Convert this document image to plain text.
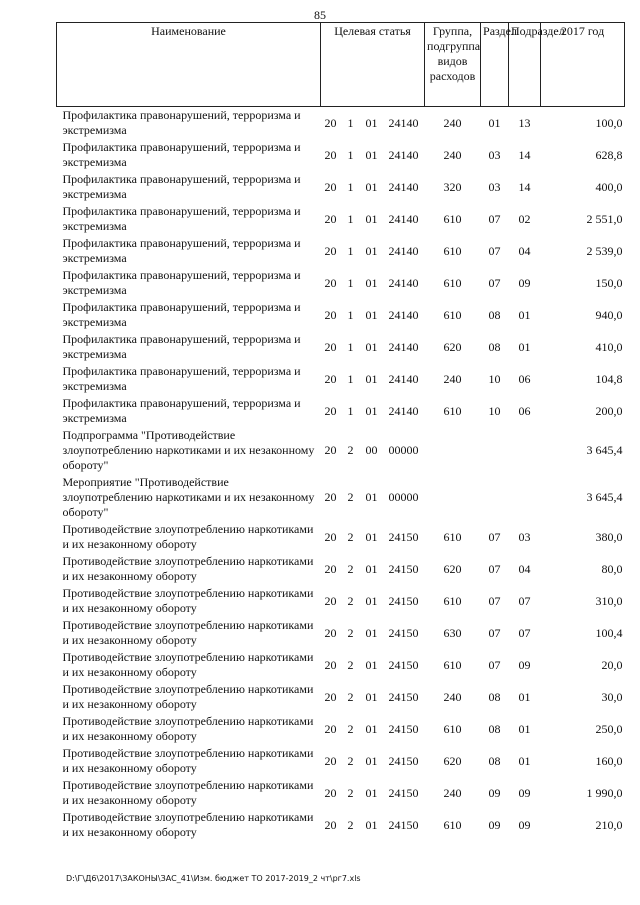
85
Наименование	Целевая статья				Группа, подгруппа видов расходов	Раздел	Подраздел	2017 год
Профилактика правонарушений, терроризма и экстремизма	20	1	01	24140	240	01	13	100,0
Профилактика правонарушений, терроризма и экстремизма	20	1	01	24140	240	03	14	628,8
Профилактика правонарушений, терроризма и экстремизма	20	1	01	24140	320	03	14	400,0
Профилактика правонарушений, терроризма и экстремизма	20	1	01	24140	610	07	02	2 551,0
Профилактика правонарушений, терроризма и экстремизма	20	1	01	24140	610	07	04	2 539,0
Профилактика правонарушений, терроризма и экстремизма	20	1	01	24140	610	07	09	150,0
Профилактика правонарушений, терроризма и экстремизма	20	1	01	24140	610	08	01	940,0
Профилактика правонарушений, терроризма и экстремизма	20	1	01	24140	620	08	01	410,0
Профилактика правонарушений, терроризма и экстремизма	20	1	01	24140	240	10	06	104,8
Профилактика правонарушений, терроризма и экстремизма	20	1	01	24140	610	10	06	200,0
Подпрограмма "Противодействие злоупотреблению наркотиками и их незаконному обороту"	20	2	00	00000				3 645,4
Мероприятие "Противодействие злоупотреблению наркотиками и их незаконному обороту"	20	2	01	00000				3 645,4
Противодействие злоупотреблению наркотиками и их незаконному обороту	20	2	01	24150	610	07	03	380,0
Противодействие злоупотреблению наркотиками и их незаконному обороту	20	2	01	24150	620	07	04	80,0
Противодействие злоупотреблению наркотиками и их незаконному обороту	20	2	01	24150	610	07	07	310,0
Противодействие злоупотреблению наркотиками и их незаконному обороту	20	2	01	24150	630	07	07	100,4
Противодействие злоупотреблению наркотиками и их незаконному обороту	20	2	01	24150	610	07	09	20,0
Противодействие злоупотреблению наркотиками и их незаконному обороту	20	2	01	24150	240	08	01	30,0
Противодействие злоупотреблению наркотиками и их незаконному обороту	20	2	01	24150	610	08	01	250,0
Противодействие злоупотреблению наркотиками и их незаконному обороту	20	2	01	24150	620	08	01	160,0
Противодействие злоупотреблению наркотиками и их незаконному обороту	20	2	01	24150	240	09	09	1 990,0
Противодействие злоупотреблению наркотиками и их незаконному обороту	20	2	01	24150	610	09	09	210,0
D:\Г\Д6\2017\ЗАКОНЫ\ЗАС_41\Изм. бюджет ТО 2017-2019_2 чт\рг7.xls
